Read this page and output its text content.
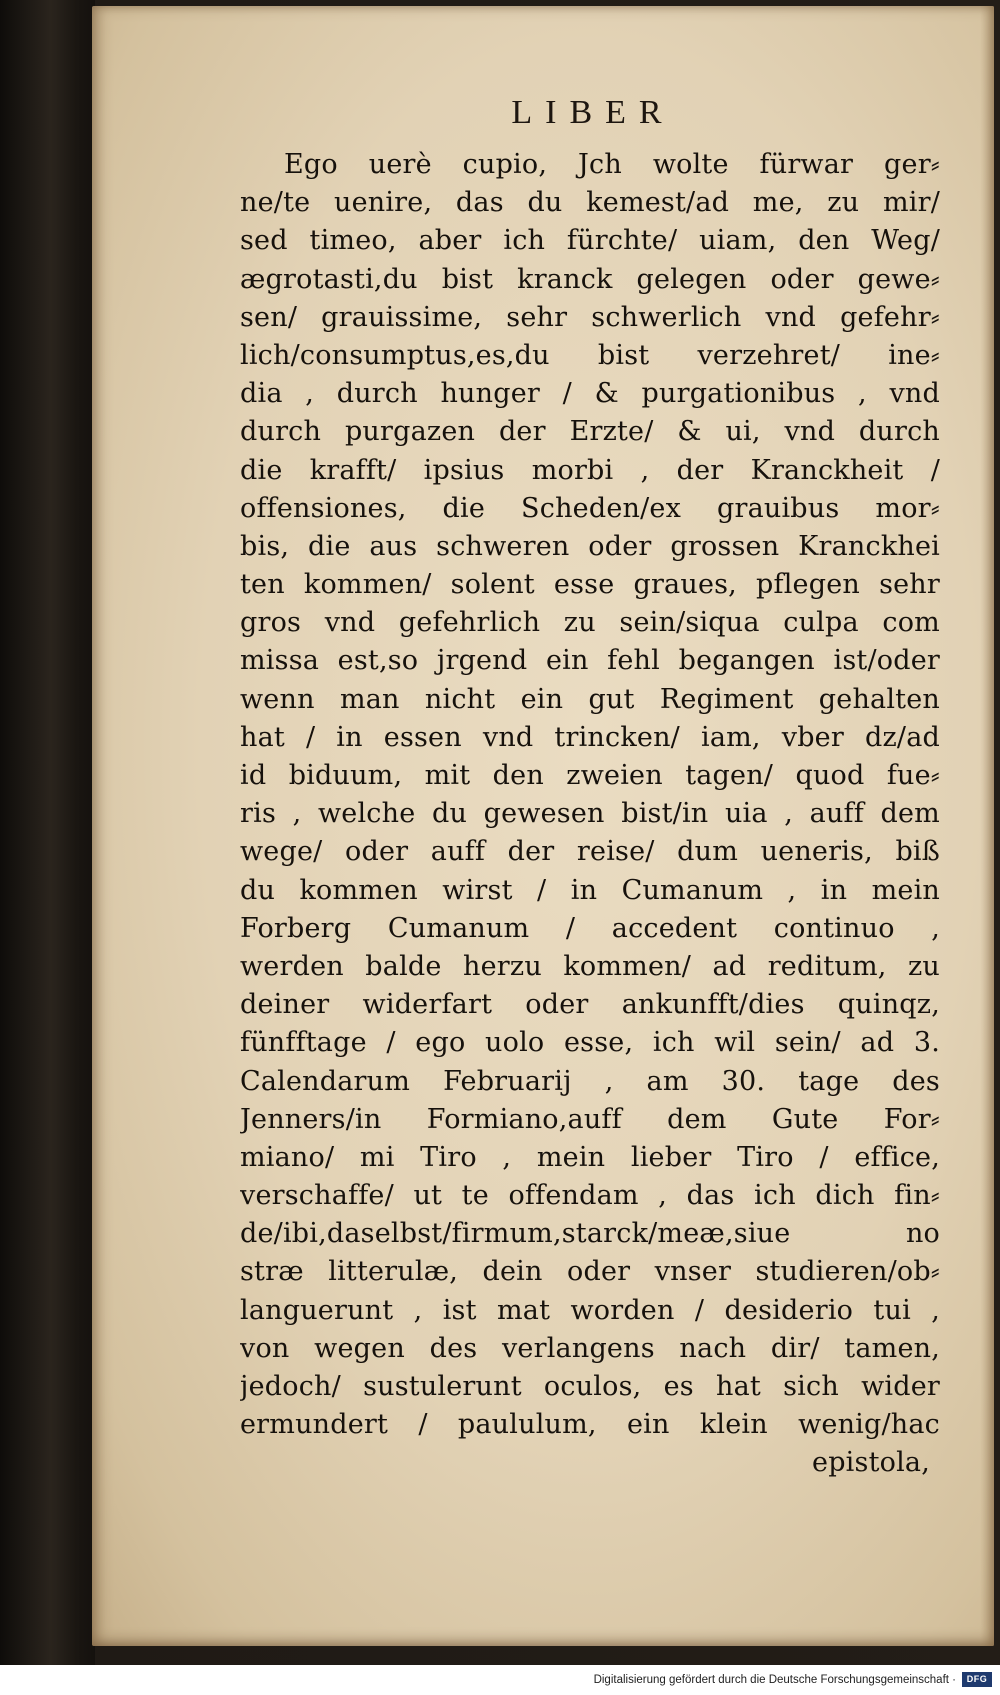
LIBER
Ego uerè cupio, Jch wolte fürwar ger⸗
ne/te uenire, das du kemest/ad me, zu mir/
sed timeo, aber ich fürchte/ uiam, den Weg/
ægrotasti,du bist kranck gelegen oder gewe⸗
sen/ grauissime, sehr schwerlich vnd gefehr⸗
lich/consumptus,es,du bist verzehret/ ine⸗
dia , durch hunger / & purgationibus , vnd
durch purgazen der Erzte/ & ui, vnd durch
die krafft/ ipsius morbi , der Kranckheit /
offensiones, die Scheden/ex grauibus mor⸗
bis, die aus schweren oder grossen Kranckhei
ten kommen/ solent esse graues, pflegen sehr
gros vnd gefehrlich zu sein/siqua culpa com
missa est,so jrgend ein fehl begangen ist/oder
wenn man nicht ein gut Regiment gehalten
hat / in essen vnd trincken/ iam, vber dz/ad
id biduum, mit den zweien tagen/ quod fue⸗
ris , welche du gewesen bist/in uia , auff dem
wege/ oder auff der reise/ dum ueneris, biß
du kommen wirst / in Cumanum , in mein
Forberg Cumanum / accedent continuo ,
werden balde herzu kommen/ ad reditum, zu
deiner widerfart oder ankunfft/dies quinqz,
fünfftage / ego uolo esse, ich wil sein/ ad 3.
Calendarum Februarij , am 30. tage des
Jenners/in Formiano,auff dem Gute For⸗
miano/ mi Tiro , mein lieber Tiro / effice,
verschaffe/ ut te offendam , das ich dich fin⸗
de/ibi,daselbst/firmum,starck/meæ,siue no
stræ litterulæ, dein oder vnser studieren/ob⸗
languerunt , ist mat worden / desiderio tui ,
von wegen des verlangens nach dir/ tamen,
jedoch/ sustulerunt oculos, es hat sich wider
ermundert / paululum, ein klein wenig/hac
epistola,
Digitalisierung gefördert durch die Deutsche Forschungsgemeinschaft ·	DFG
